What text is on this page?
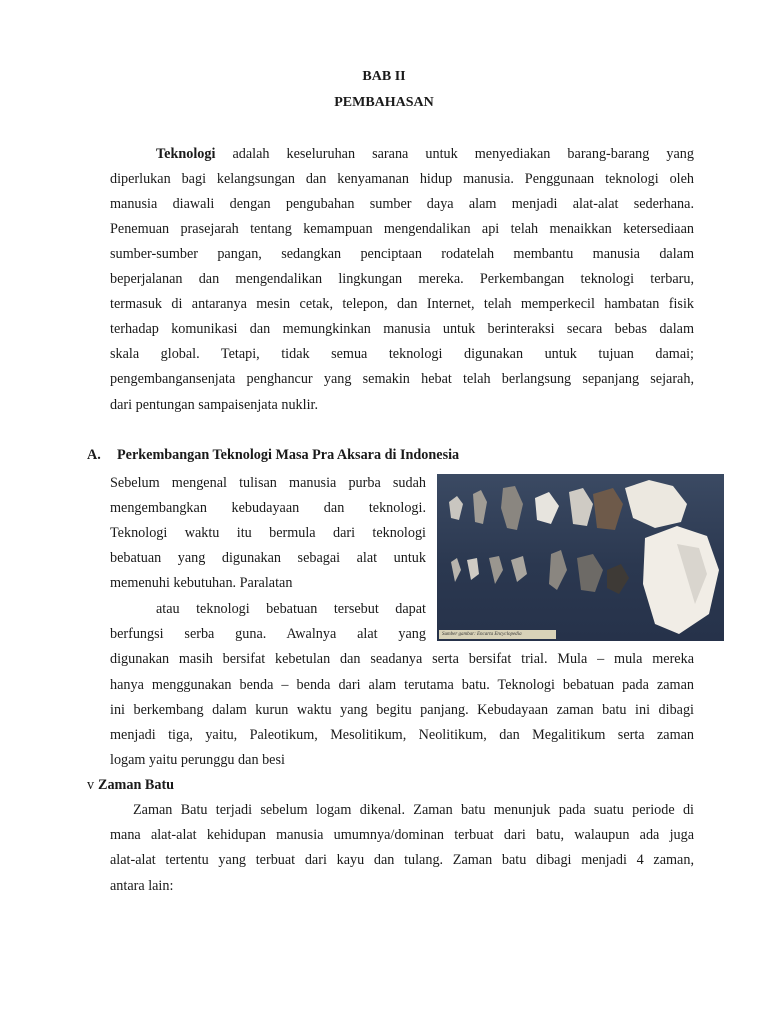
BAB II
PEMBAHASAN
Teknologi adalah keseluruhan sarana untuk menyediakan barang-barang yang
diperlukan bagi kelangsungan dan kenyamanan hidup manusia. Penggunaan teknologi oleh
manusia diawali dengan pengubahan sumber daya alam menjadi alat-alat sederhana.
Penemuan prasejarah tentang kemampuan mengendalikan api telah menaikkan ketersediaan
sumber-sumber pangan, sedangkan penciptaan rodatelah membantu manusia dalam
beperjalanan dan mengendalikan lingkungan mereka. Perkembangan teknologi terbaru,
termasuk di antaranya mesin cetak, telepon, dan Internet, telah memperkecil hambatan fisik
terhadap komunikasi dan memungkinkan manusia untuk berinteraksi secara bebas dalam
skala global. Tetapi, tidak semua teknologi digunakan untuk tujuan damai;
pengembangansenjata penghancur yang semakin hebat telah berlangsung sepanjang sejarah,
dari pentungan sampaisenjata nuklir.
A. Perkembangan Teknologi Masa Pra Aksara di Indonesia
Sebelum mengenal tulisan manusia purba sudah
mengembangkan kebudayaan dan teknologi.
Teknologi waktu itu bermula dari teknologi
bebatuan yang digunakan sebagai alat untuk
memenuhi kebutuhan. Paralatan
atau teknologi bebatuan tersebut dapat
berfungsi serba guna. Awalnya alat yang	Sumber gambar: Encarta Encyclopedia
digunakan masih bersifat kebetulan dan seadanya serta bersifat trial. Mula – mula mereka
hanya menggunakan benda – benda dari alam terutama batu. Teknologi bebatuan pada zaman
ini berkembang dalam kurun waktu yang begitu panjang. Kebudayaan zaman batu ini dibagi
menjadi tiga, yaitu, Paleotikum, Mesolitikum, Neolitikum, dan Megalitikum serta zaman
logam yaitu perunggu dan besi
v Zaman Batu
Zaman Batu terjadi sebelum logam dikenal. Zaman batu menunjuk pada suatu periode di
mana alat-alat kehidupan manusia umumnya/dominan terbuat dari batu, walaupun ada juga
alat-alat tertentu yang terbuat dari kayu dan tulang. Zaman batu dibagi menjadi 4 zaman,
antara lain:
